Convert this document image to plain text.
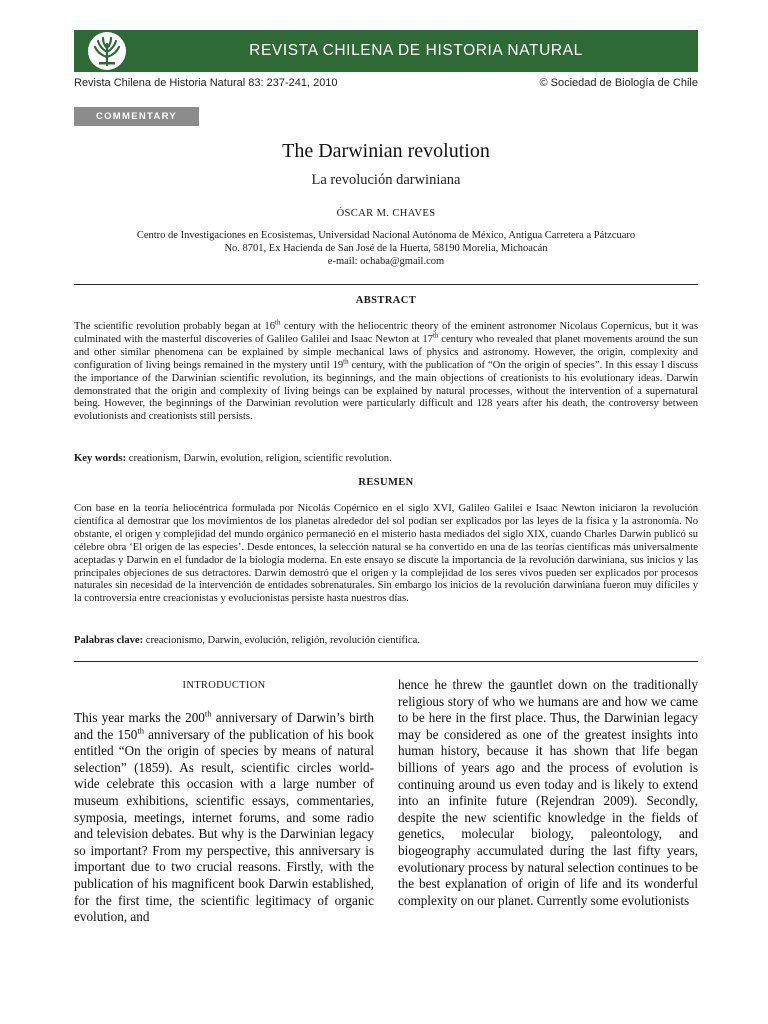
REVISTA CHILENA DE HISTORIA NATURAL
Revista Chilena de Historia Natural 83: 237-241, 2010	© Sociedad de Biología de Chile
COMMENTARY
The Darwinian revolution
La revolución darwiniana
ÓSCAR M. CHAVES
Centro de Investigaciones en Ecosistemas, Universidad Nacional Autónoma de México, Antigua Carretera a Pátzcuaro
No. 8701, Ex Hacienda de San José de la Huerta, 58190 Morelia, Michoacán
e-mail: ochaba@gmail.com
ABSTRACT
The scientific revolution probably began at 16th century with the heliocentric theory of the eminent astronomer Nicolaus Copernicus, but it was culminated with the masterful discoveries of Galileo Galilei and Isaac Newton at 17th century who revealed that planet movements around the sun and other similar phenomena can be explained by simple mechanical laws of physics and astronomy. However, the origin, complexity and configuration of living beings remained in the mystery until 19th century, with the publication of “On the origin of species”. In this essay I discuss the importance of the Darwinian scientific revolution, its beginnings, and the main objections of creationists to his evolutionary ideas. Darwin demonstrated that the origin and complexity of living beings can be explained by natural processes, without the intervention of a supernatural being. However, the beginnings of the Darwinian revolution were particularly difficult and 128 years after his death, the controversy between evolutionists and creationists still persists.
Key words: creationism, Darwin, evolution, religion, scientific revolution.
RESUMEN
Con base en la teoría heliocéntrica formulada por Nicolás Copérnico en el siglo XVI, Galileo Galilei e Isaac Newton iniciaron la revolución científica al demostrar que los movimientos de los planetas alrededor del sol podían ser explicados por las leyes de la física y la astronomía. No obstante, el origen y complejidad del mundo orgánico permaneció en el misterio hasta mediados del siglo XIX, cuando Charles Darwin publicó su célebre obra ‘El origen de las especies’. Desde entonces, la selección natural se ha convertido en una de las teorías científicas más universalmente aceptadas y Darwin en el fundador de la biología moderna. En este ensayo se discute la importancia de la revolución darwiniana, sus inicios y las principales objeciones de sus detractores. Darwin demostró que el origen y la complejidad de los seres vivos pueden ser explicados por procesos naturales sin necesidad de la intervención de entidades sobrenaturales. Sin embargo los inicios de la revolución darwiniana fueron muy difíciles y la controversia entre creacionistas y evolucionistas persiste hasta nuestros días.
Palabras clave: creacionismo, Darwin, evolución, religión, revolución científica.
INTRODUCTION
This year marks the 200th anniversary of Darwin’s birth and the 150th anniversary of the publication of his book entitled “On the origin of species by means of natural selection” (1859). As result, scientific circles world-wide celebrate this occasion with a large number of museum exhibitions, scientific essays, commentaries, symposia, meetings, internet forums, and some radio and television debates. But why is the Darwinian legacy so important? From my perspective, this anniversary is important due to two crucial reasons. Firstly, with the publication of his magnificent book Darwin established, for the first time, the scientific legitimacy of organic evolution, and
hence he threw the gauntlet down on the traditionally religious story of who we humans are and how we came to be here in the first place. Thus, the Darwinian legacy may be considered as one of the greatest insights into human history, because it has shown that life began billions of years ago and the process of evolution is continuing around us even today and is likely to extend into an infinite future (Rejendran 2009). Secondly, despite the new scientific knowledge in the fields of genetics, molecular biology, paleontology, and biogeography accumulated during the last fifty years, evolutionary process by natural selection continues to be the best explanation of origin of life and its wonderful complexity on our planet. Currently some evolutionists
